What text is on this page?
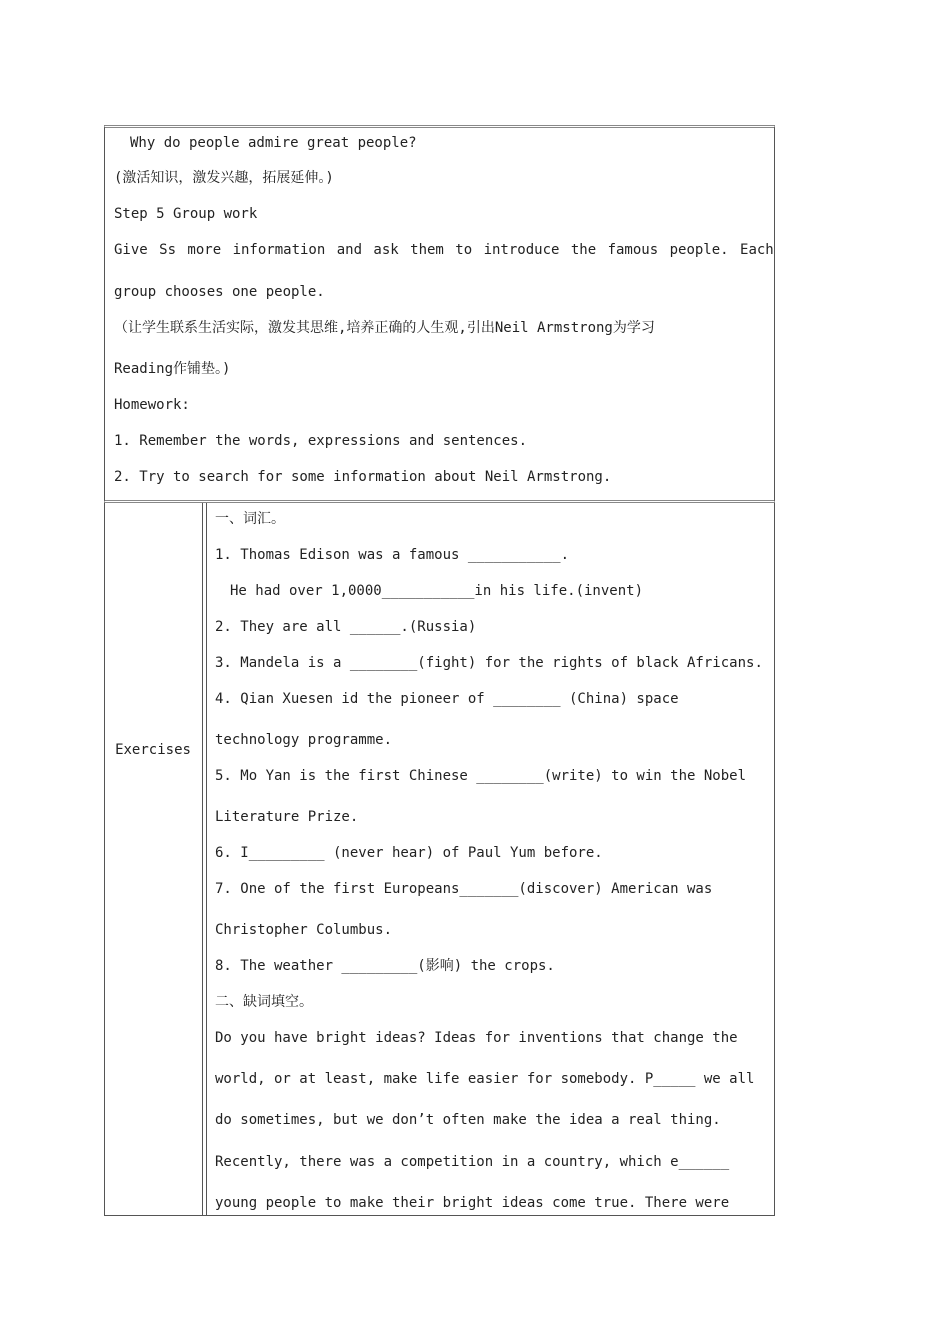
Why do people admire great people?
(激活知识，激发兴趣，拓展延伸。)
Step 5 Group work
Give Ss more information and ask them to introduce the famous people. Each
group chooses one people.
（让学生联系生活实际，激发其思维,培养正确的人生观,引出Neil Armstrong为学习
Reading作铺垫。)
Homework:
1. Remember the words, expressions and sentences.
2. Try to search for some information about Neil Armstrong.
Exercises
一、词汇。
1. Thomas Edison was a famous ___________.
He had over 1,0000___________in his life.(invent)
2. They are all ______.(Russia)
3. Mandela is a ________(fight) for the rights of black Africans.
4. Qian Xuesen id the pioneer of ________ (China) space
technology programme.
5. Mo Yan is the first Chinese ________(write) to win the Nobel
Literature Prize.
6. I_________ (never hear) of Paul Yum before.
7. One of the first Europeans_______(discover) American was
Christopher Columbus.
8. The weather _________(影响) the crops.
二、缺词填空。
Do you have bright ideas? Ideas for inventions that change the
world, or at least, make life easier for somebody. P_____ we all
do sometimes, but we don’t often make the idea a real thing.
Recently, there was a competition in a country, which e______
young people to make their bright ideas come true. There were
